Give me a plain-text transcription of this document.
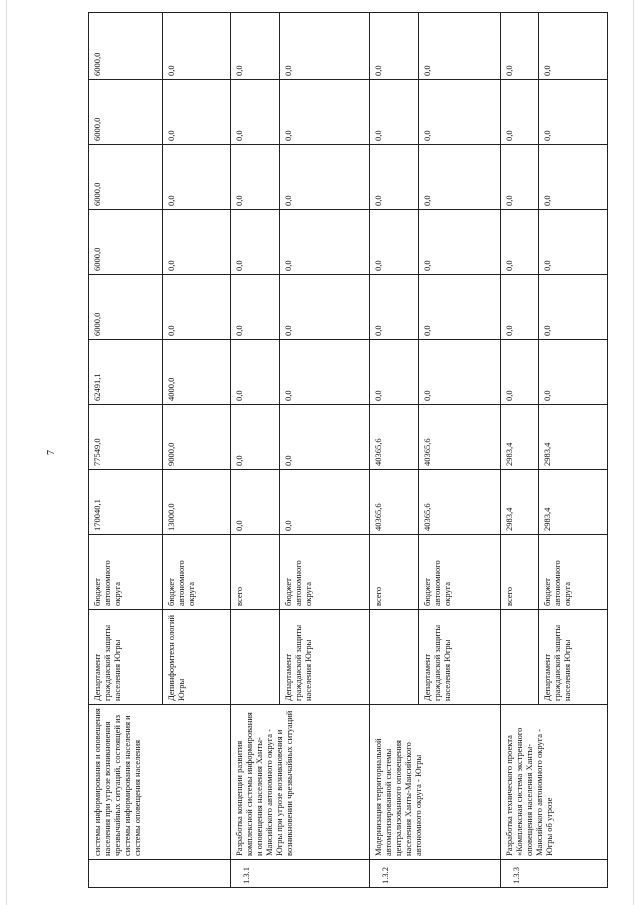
7
	системы информирования и оповещения населения при угрозе возникновения чрезвычайных ситуаций, состоящей из системы информирования населения и системы оповещения населения	Департамент гражданской защиты населения Югры	бюджет автономного округа	170040,1	77549,0	62491,1	6000,0	6000,0	6000,0	6000,0	6000,0
		Депинформтехн ологий Югры	бюджет автономного округа	13000,0	9000,0	4000,0	0,0	0,0	0,0	0,0	0,0
1.3.1	Разработка концепции развития комплексной системы информирования и оповещения населения Ханты-Мансийского автономного округа - Югры при угрозе возникновения и возникновении чрезвычайных ситуаций		всего	0,0	0,0	0,0	0,0	0,0	0,0	0,0	0,0
		Департамент гражданской защиты населения Югры	бюджет автономного округа	0,0	0,0	0,0	0,0	0,0	0,0	0,0	0,0
1.3.2	Модернизация территориальной автоматизированной системы централизованного оповещения населения Ханты-Мансийского автономного округа - Югры		всего	40365,6	40365,6	0,0	0,0	0,0	0,0	0,0	0,0
		Департамент гражданской защиты населения Югры	бюджет автономного округа	40365,6	40365,6	0,0	0,0	0,0	0,0	0,0	0,0
1.3.3	Разработка технического проекта «Комплексная система экстренного оповещения населения Ханты-Мансийского автономного округа - Югры об угрозе		всего	2983,4	2983,4	0,0	0,0	0,0	0,0	0,0	0,0
		Департамент гражданской защиты населения Югры	бюджет автономного округа	2983,4	2983,4	0,0	0,0	0,0	0,0	0,0	0,0
